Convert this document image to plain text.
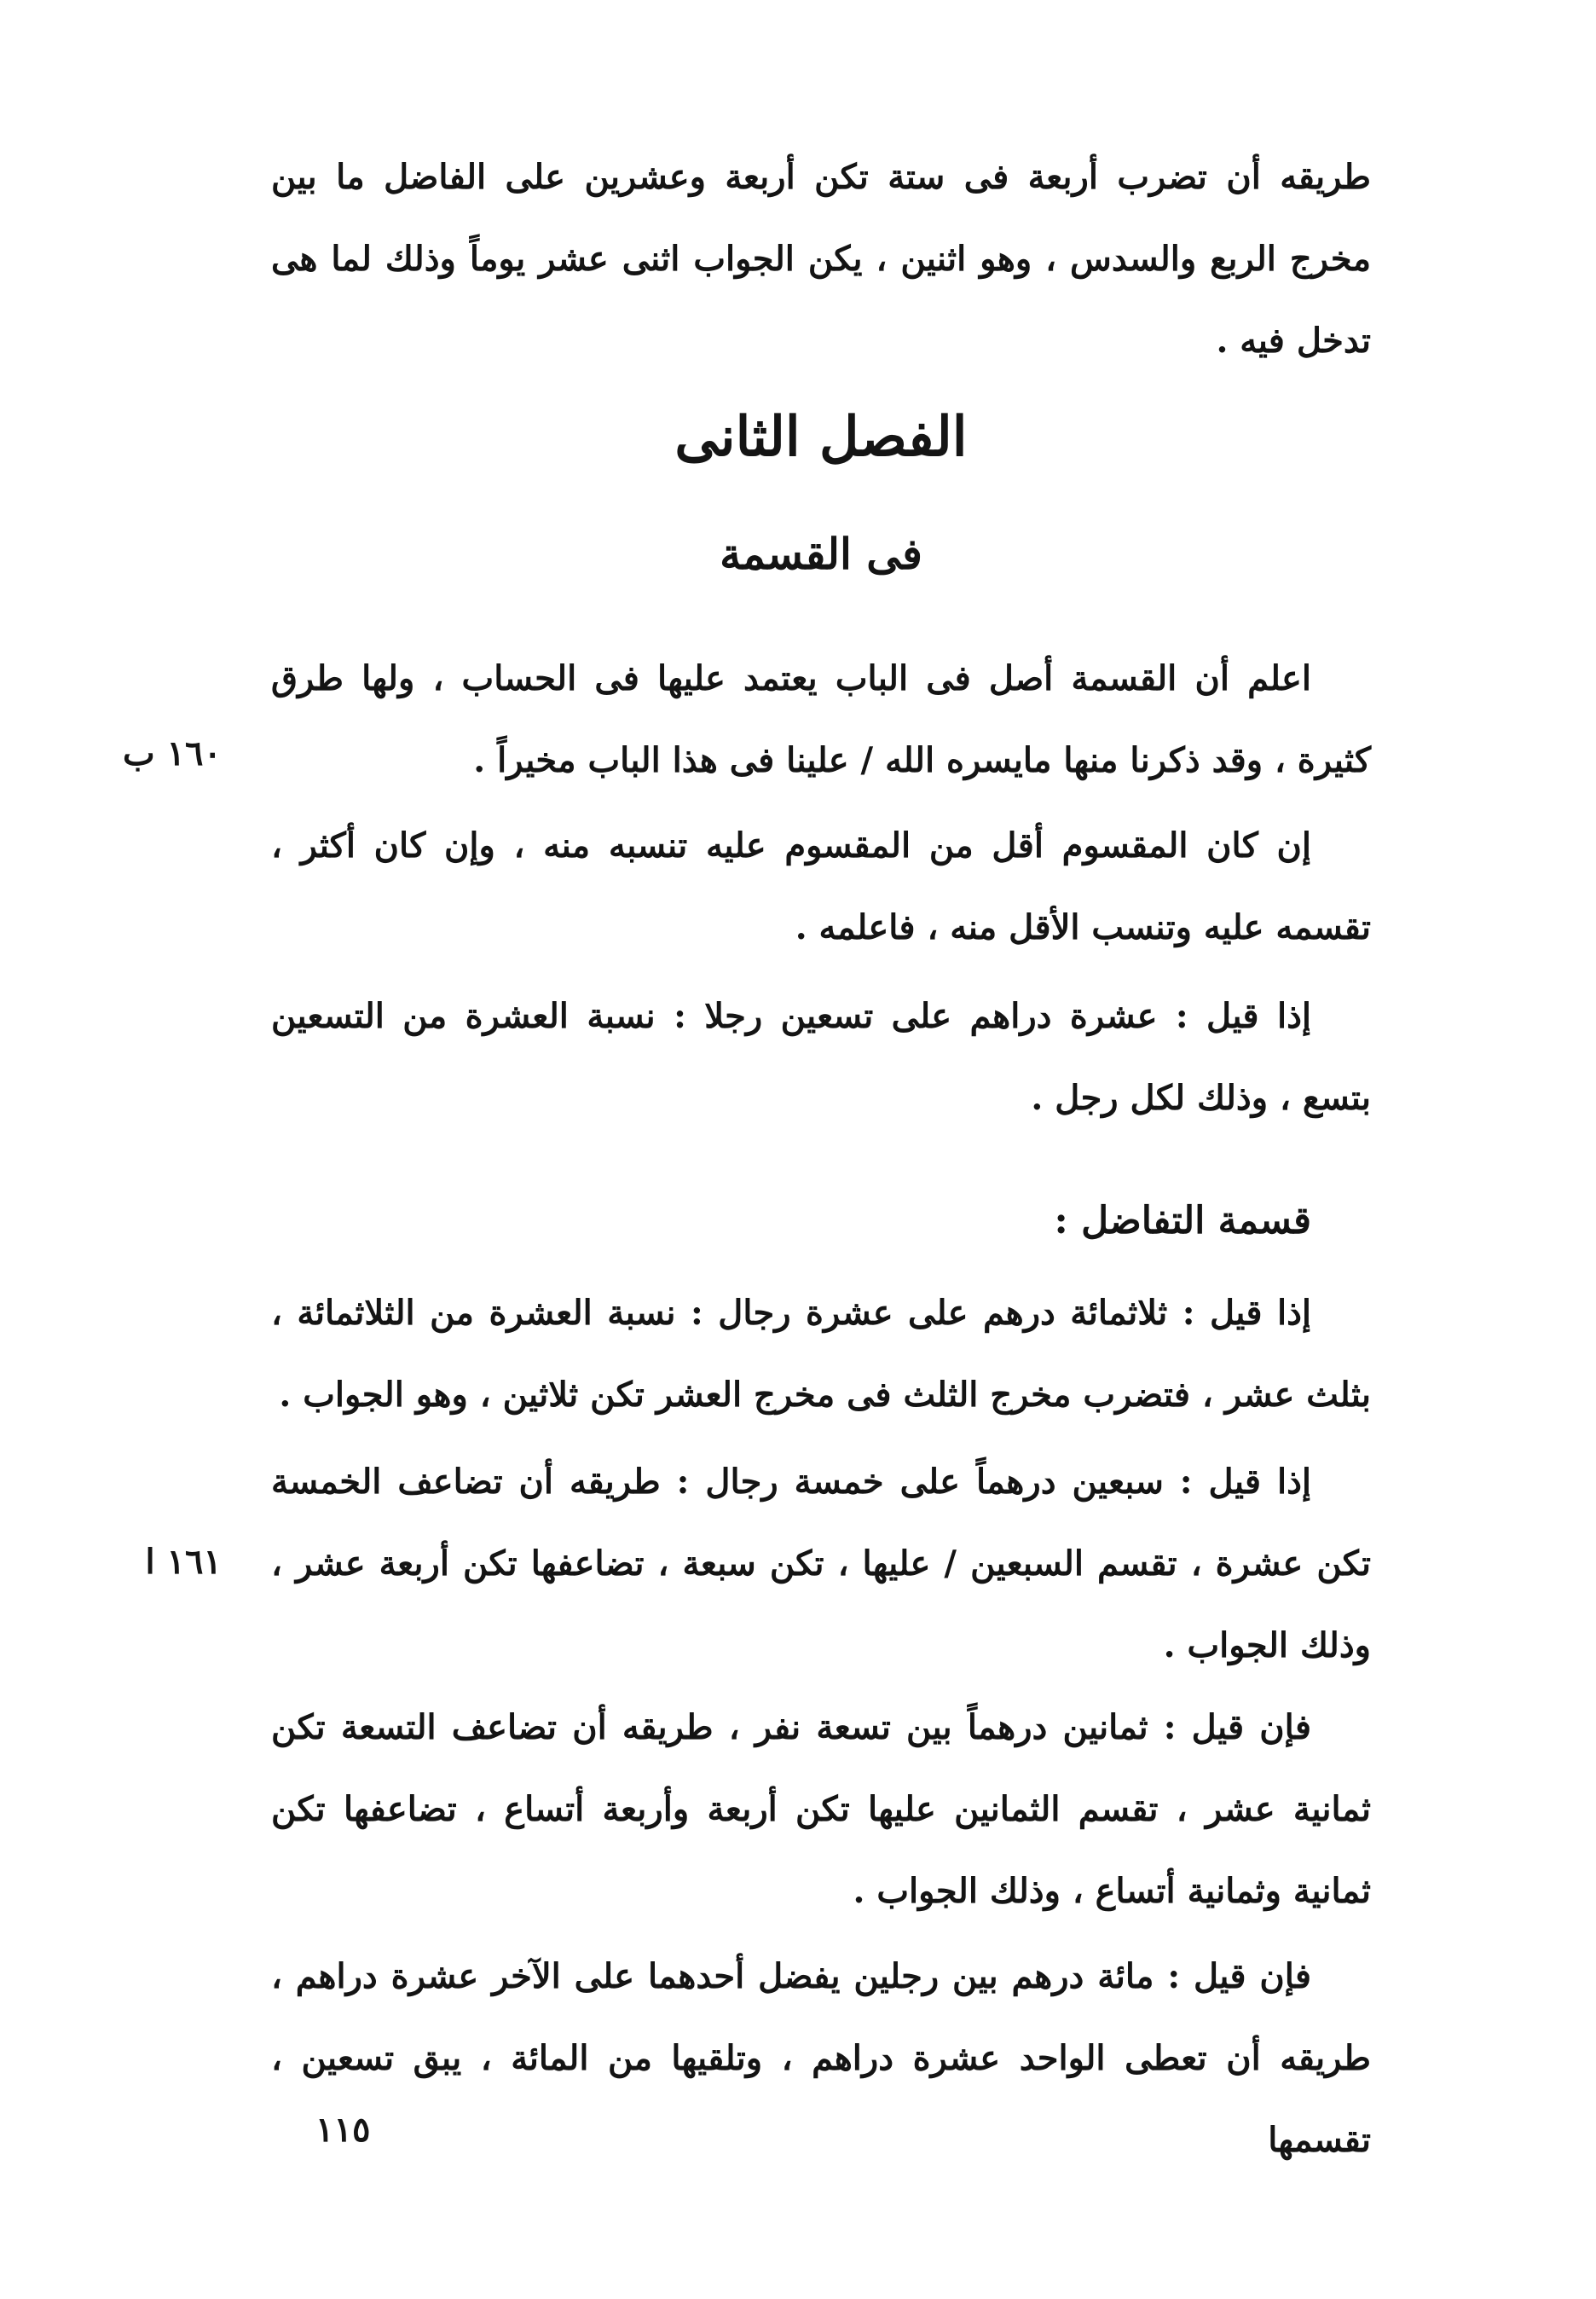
طريقه أن تضرب أربعة فى ستة تكن أربعة وعشرين على الفاضل ما بين مخرج الربع والسدس ، وهو اثنين ، يكن الجواب اثنى عشر يوماً وذلك لما هى تدخل فيه .

الفصل الثانى
فى القسمة

اعلم أن القسمة أصل فى الباب يعتمد عليها فى الحساب ، ولها طرق كثيرة ، وقد ذكرنا منها مايسره الله / علينا فى هذا الباب مخيراً .

١٦٠ ب

إن كان المقسوم أقل من المقسوم عليه تنسبه منه ، وإن كان أكثر ، تقسمه عليه وتنسب الأقل منه ، فاعلمه .

إذا قيل : عشرة دراهم على تسعين رجلا : نسبة العشرة من التسعين بتسع ، وذلك لكل رجل .

قسمة التفاضل :

إذا قيل : ثلاثمائة درهم على عشرة رجال : نسبة العشرة من الثلاثمائة ، بثلث عشر ، فتضرب مخرج الثلث فى مخرج العشر تكن ثلاثين ، وهو الجواب .

إذا قيل : سبعين درهماً على خمسة رجال : طريقه أن تضاعف الخمسة تكن عشرة ، تقسم السبعين / عليها ، تكن سبعة ، تضاعفها تكن أربعة عشر ، وذلك الجواب .

١٦١ ا

فإن قيل : ثمانين درهماً بين تسعة نفر ، طريقه أن تضاعف التسعة تكن ثمانية عشر ، تقسم الثمانين عليها تكن أربعة وأربعة أتساع ، تضاعفها تكن ثمانية وثمانية أتساع ، وذلك الجواب .

فإن قيل : مائة درهم بين رجلين يفضل أحدهما على الآخر عشرة دراهم ، طريقه أن تعطى الواحد عشرة دراهم ، وتلقيها من المائة ، يبق تسعين ، تقسمها

١١٥
